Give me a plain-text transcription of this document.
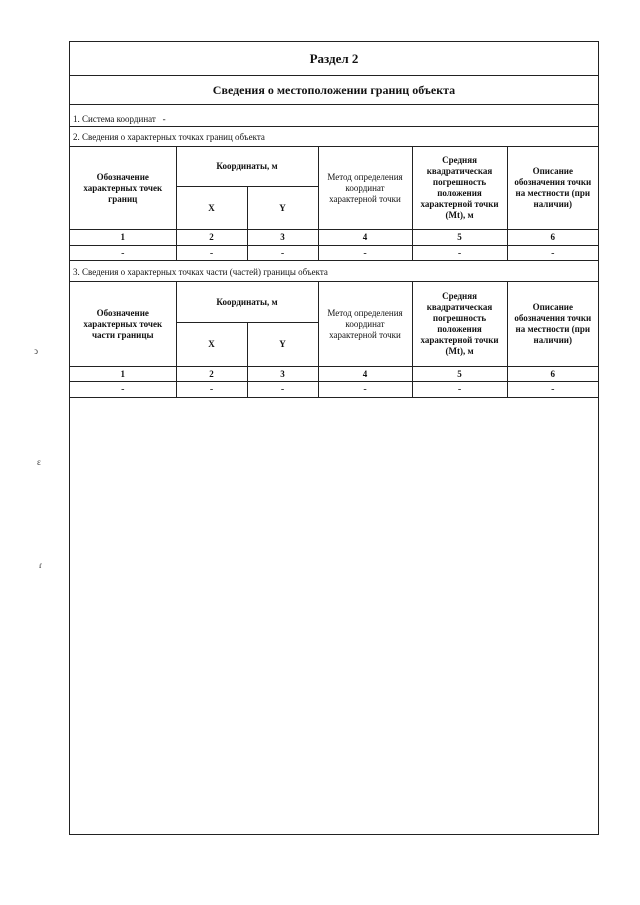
ↄ
ɛ
ɾ
Раздел 2
Сведения о местоположении границ объекта
1. Система координат -
2. Сведения о характерных точках границ объекта
Обозначение характерных точек границ	Координаты, м		Метод определения координат характерной точки	Средняя квадратическая погрешность положения характерной точки (Mt), м	Описание обозначения точки на местности (при наличии)
	X	Y			
1	2	3	4	5	6
-	-	-	-	-	-
3. Сведения о характерных точках части (частей) границы объекта
Обозначение характерных точек части границы	Координаты, м		Метод определения координат характерной точки	Средняя квадратическая погрешность положения характерной точки (Mt), м	Описание обозначения точки на местности (при наличии)
	X	Y			
1	2	3	4	5	6
-	-	-	-	-	-
